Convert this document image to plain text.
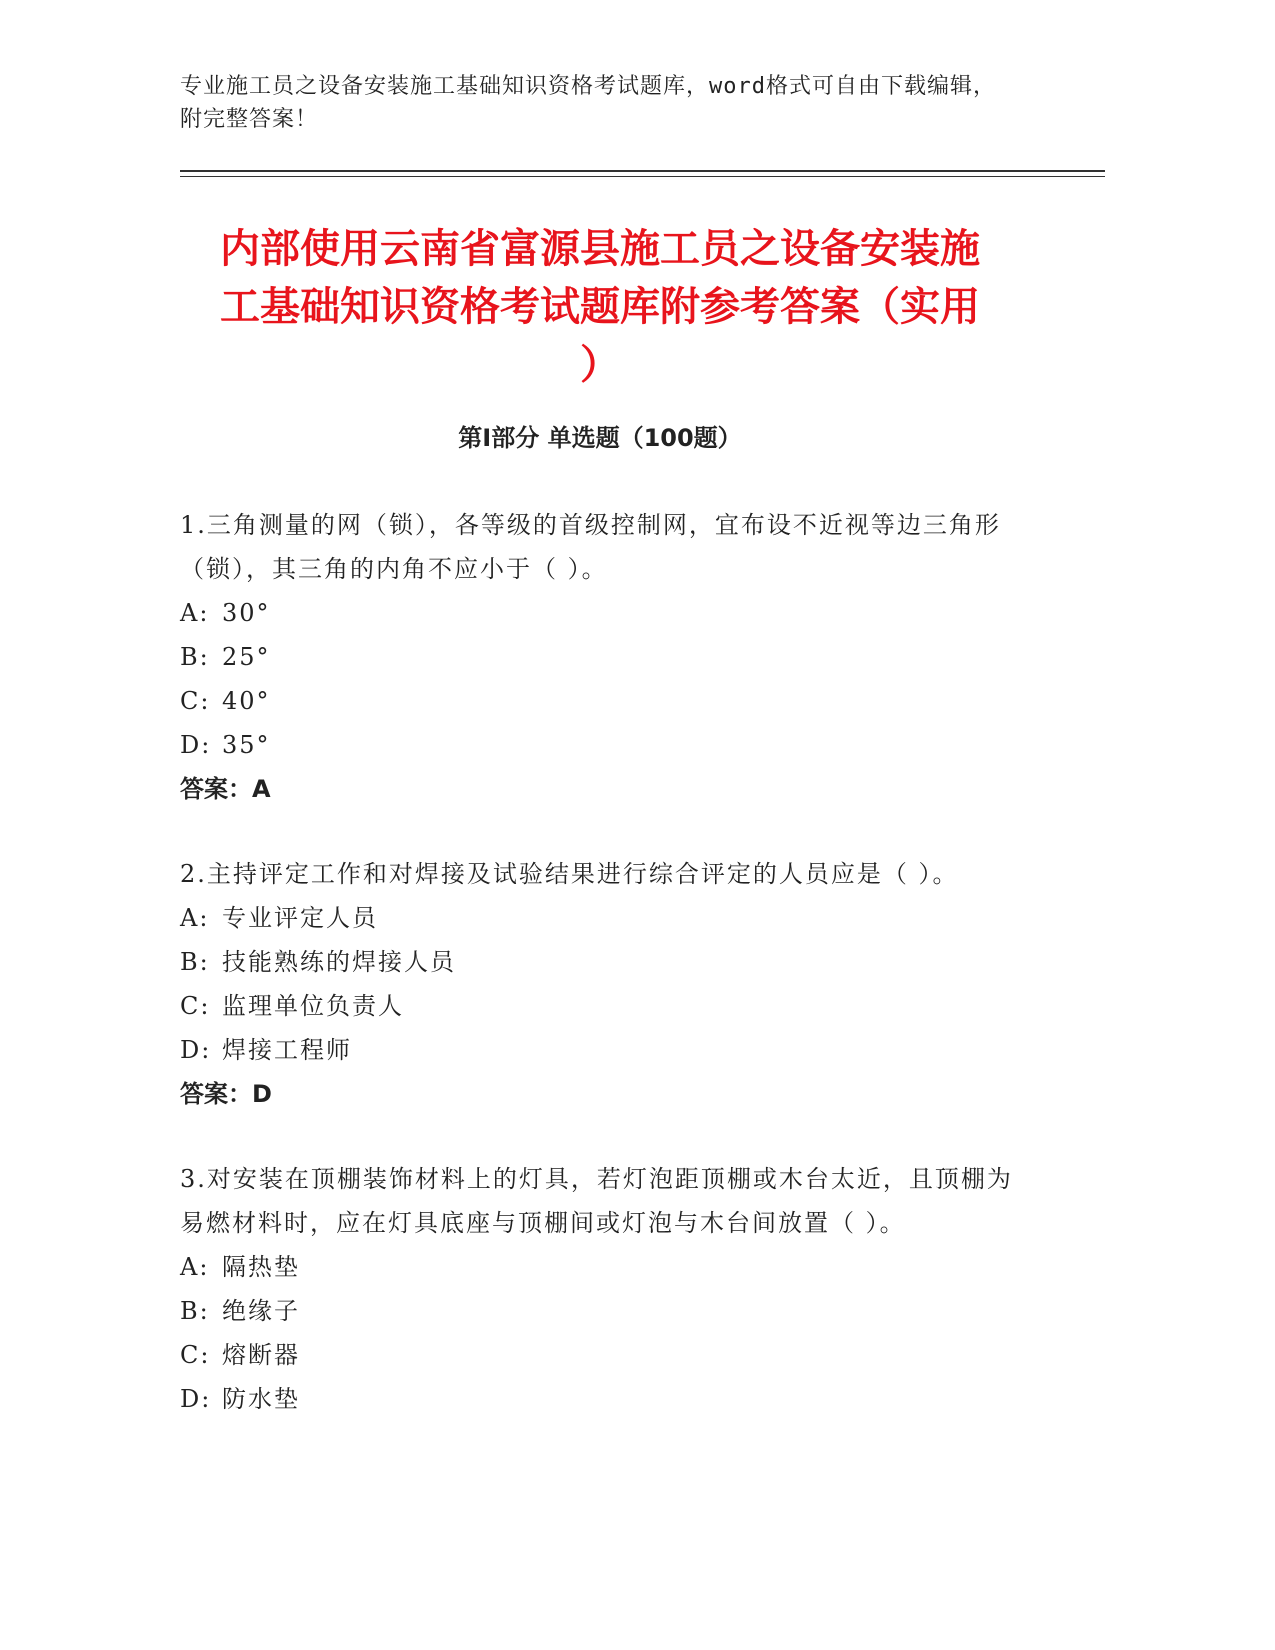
专业施工员之设备安装施工基础知识资格考试题库，word格式可自由下载编辑，
附完整答案！
内部使用云南省富源县施工员之设备安装施
工基础知识资格考试题库附参考答案（实用
）
第Ⅰ部分 单选题（100题）

1.三角测量的网（锁），各等级的首级控制网，宜布设不近视等边三角形（锁），其三角的内角不应小于（ ）。

A: 30°

B: 25°

C: 40°

D: 35°

答案：A

2.主持评定工作和对焊接及试验结果进行综合评定的人员应是（ ）。

A: 专业评定人员

B: 技能熟练的焊接人员

C: 监理单位负责人

D: 焊接工程师

答案：D

3.对安装在顶棚装饰材料上的灯具，若灯泡距顶棚或木台太近，且顶棚为易燃材料时，应在灯具底座与顶棚间或灯泡与木台间放置（ ）。

A: 隔热垫

B: 绝缘子

C: 熔断器

D: 防水垫
